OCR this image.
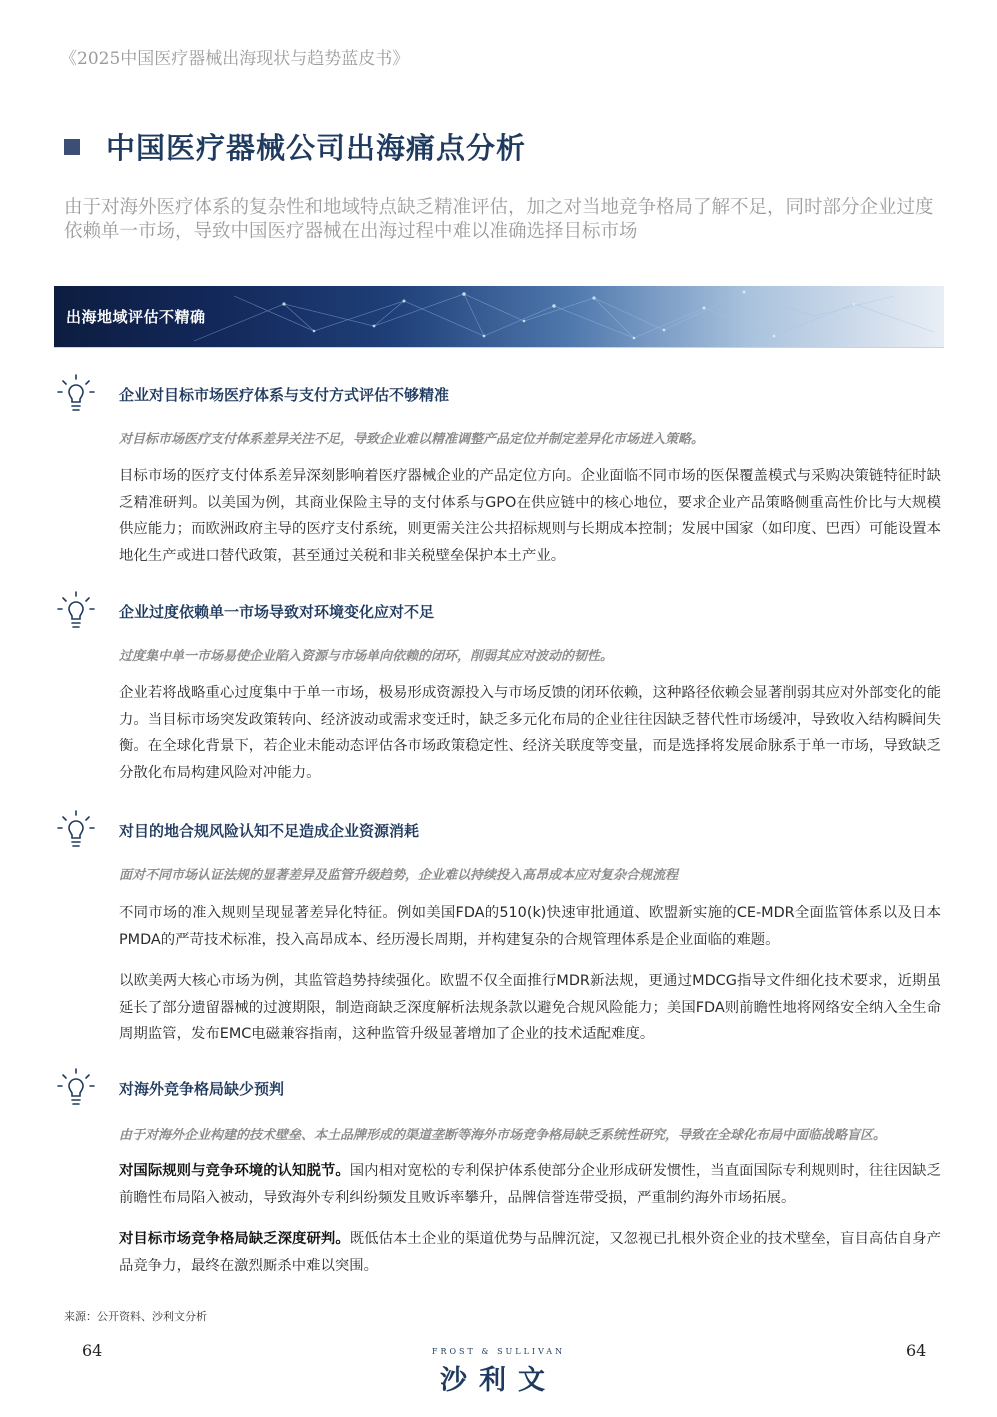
《2025中国医疗器械出海现状与趋势蓝皮书》
中国医疗器械公司出海痛点分析
由于对海外医疗体系的复杂性和地域特点缺乏精准评估，加之对当地竞争格局了解不足，同时部分企业过度依赖单一市场，导致中国医疗器械在出海过程中难以准确选择目标市场
出海地域评估不精确
企业对目标市场医疗体系与支付方式评估不够精准
对目标市场医疗支付体系差异关注不足，导致企业难以精准调整产品定位并制定差异化市场进入策略。
目标市场的医疗支付体系差异深刻影响着医疗器械企业的产品定位方向。企业面临不同市场的医保覆盖模式与采购决策链特征时缺乏精准研判。以美国为例，其商业保险主导的支付体系与GPO在供应链中的核心地位，要求企业产品策略侧重高性价比与大规模供应能力；而欧洲政府主导的医疗支付系统，则更需关注公共招标规则与长期成本控制；发展中国家（如印度、巴西）可能设置本地化生产或进口替代政策，甚至通过关税和非关税壁垒保护本土产业。
企业过度依赖单一市场导致对环境变化应对不足
过度集中单一市场易使企业陷入资源与市场单向依赖的闭环，削弱其应对波动的韧性。
企业若将战略重心过度集中于单一市场，极易形成资源投入与市场反馈的闭环依赖，这种路径依赖会显著削弱其应对外部变化的能力。当目标市场突发政策转向、经济波动或需求变迁时，缺乏多元化布局的企业往往因缺乏替代性市场缓冲，导致收入结构瞬间失衡。在全球化背景下，若企业未能动态评估各市场政策稳定性、经济关联度等变量，而是选择将发展命脉系于单一市场，导致缺乏分散化布局构建风险对冲能力。
对目的地合规风险认知不足造成企业资源消耗
面对不同市场认证法规的显著差异及监管升级趋势，企业难以持续投入高昂成本应对复杂合规流程
不同市场的准入规则呈现显著差异化特征。例如美国FDA的510(k)快速审批通道、欧盟新实施的CE-MDR全面监管体系以及日本PMDA的严苛技术标准，投入高昂成本、经历漫长周期，并构建复杂的合规管理体系是企业面临的难题。
以欧美两大核心市场为例，其监管趋势持续强化。欧盟不仅全面推行MDR新法规，更通过MDCG指导文件细化技术要求，近期虽延长了部分遗留器械的过渡期限，制造商缺乏深度解析法规条款以避免合规风险能力；美国FDA则前瞻性地将网络安全纳入全生命周期监管，发布EMC电磁兼容指南，这种监管升级显著增加了企业的技术适配难度。
对海外竞争格局缺少预判
由于对海外企业构建的技术壁垒、本土品牌形成的渠道垄断等海外市场竞争格局缺乏系统性研究，导致在全球化布局中面临战略盲区。
对国际规则与竞争环境的认知脱节。国内相对宽松的专利保护体系使部分企业形成研发惯性，当直面国际专利规则时，往往因缺乏前瞻性布局陷入被动，导致海外专利纠纷频发且败诉率攀升，品牌信誉连带受损，严重制约海外市场拓展。
对目标市场竞争格局缺乏深度研判。既低估本土企业的渠道优势与品牌沉淀，又忽视已扎根外资企业的技术壁垒，盲目高估自身产品竞争力，最终在激烈厮杀中难以突围。
来源：公开资料、沙利文分析
64	64
FROST & SULLIVAN
沙利文
